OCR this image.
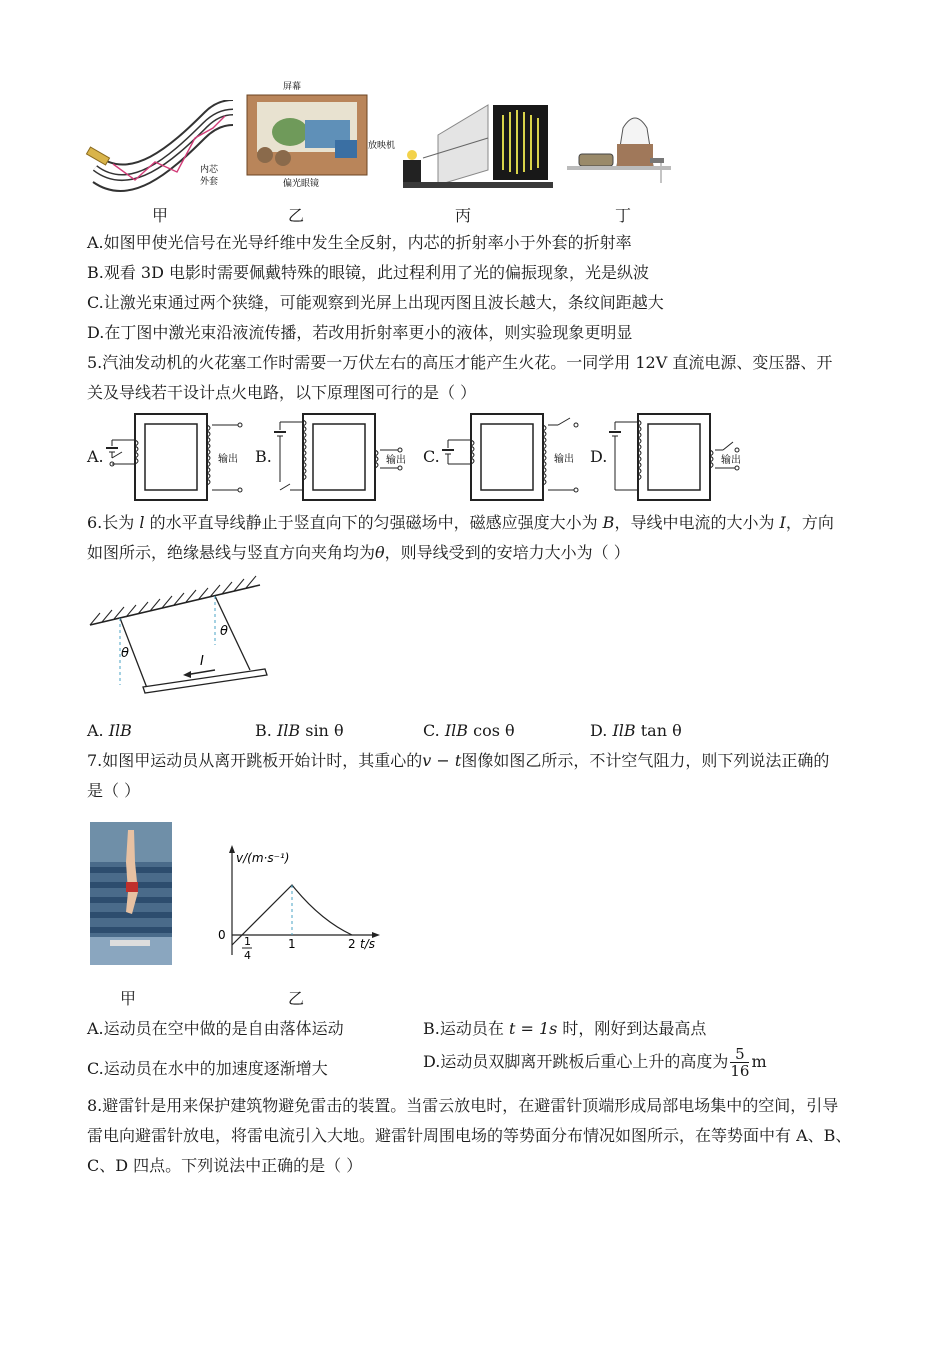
内芯
外套
甲
屏幕
偏光眼镜
乙
放映机
丙	丁
A.如图甲使光信号在光导纤维中发生全反射，内芯的折射率小于外套的折射率
B.观看 3D 电影时需要佩戴特殊的眼镜，此过程利用了光的偏振现象，光是纵波
C.让激光束通过两个狭缝，可能观察到光屏上出现丙图且波长越大，条纹间距越大
D.在丁图中激光束沿液流传播，若改用折射率更小的液体，则实验现象更明显
5.汽油发动机的火花塞工作时需要一万伏左右的高压才能产生火花。一同学用 12V 直流电源、变压器、开
关及导线若干设计点火电路，以下原理图可行的是（ ）
A.	输出 B.	输出 C.	输出 D.	输出
6.长为 l 的水平直导线静止于竖直向下的匀强磁场中，磁感应强度大小为 B，导线中电流的大小为 I，方向
如图所示，绝缘悬线与竖直方向夹角均为θ，则导线受到的安培力大小为（ ）
θ
θ
I
A. IlB	B. IlB sin θ	C. IlB cos θ	D. IlB tan θ
7.如图甲运动员从离开跳板开始计时，其重心的v − t图像如图乙所示，不计空气阻力，则下列说法正确的
是（ ）
甲
v/(m·s⁻¹)
0 1
4
1	2 t/s
乙
A.运动员在空中做的是自由落体运动	B.运动员在 t = 1s 时，刚好到达最高点
C.运动员在水中的加速度逐渐增大	D.运动员双脚离开跳板后重心上升的高度为 $\frac{5}{16}$ m
8.避雷针是用来保护建筑物避免雷击的装置。当雷云放电时，在避雷针顶端形成局部电场集中的空间，引导
雷电向避雷针放电，将雷电流引入大地。避雷针周围电场的等势面分布情况如图所示，在等势面中有 A、B、
C、D 四点。下列说法中正确的是（ ）
